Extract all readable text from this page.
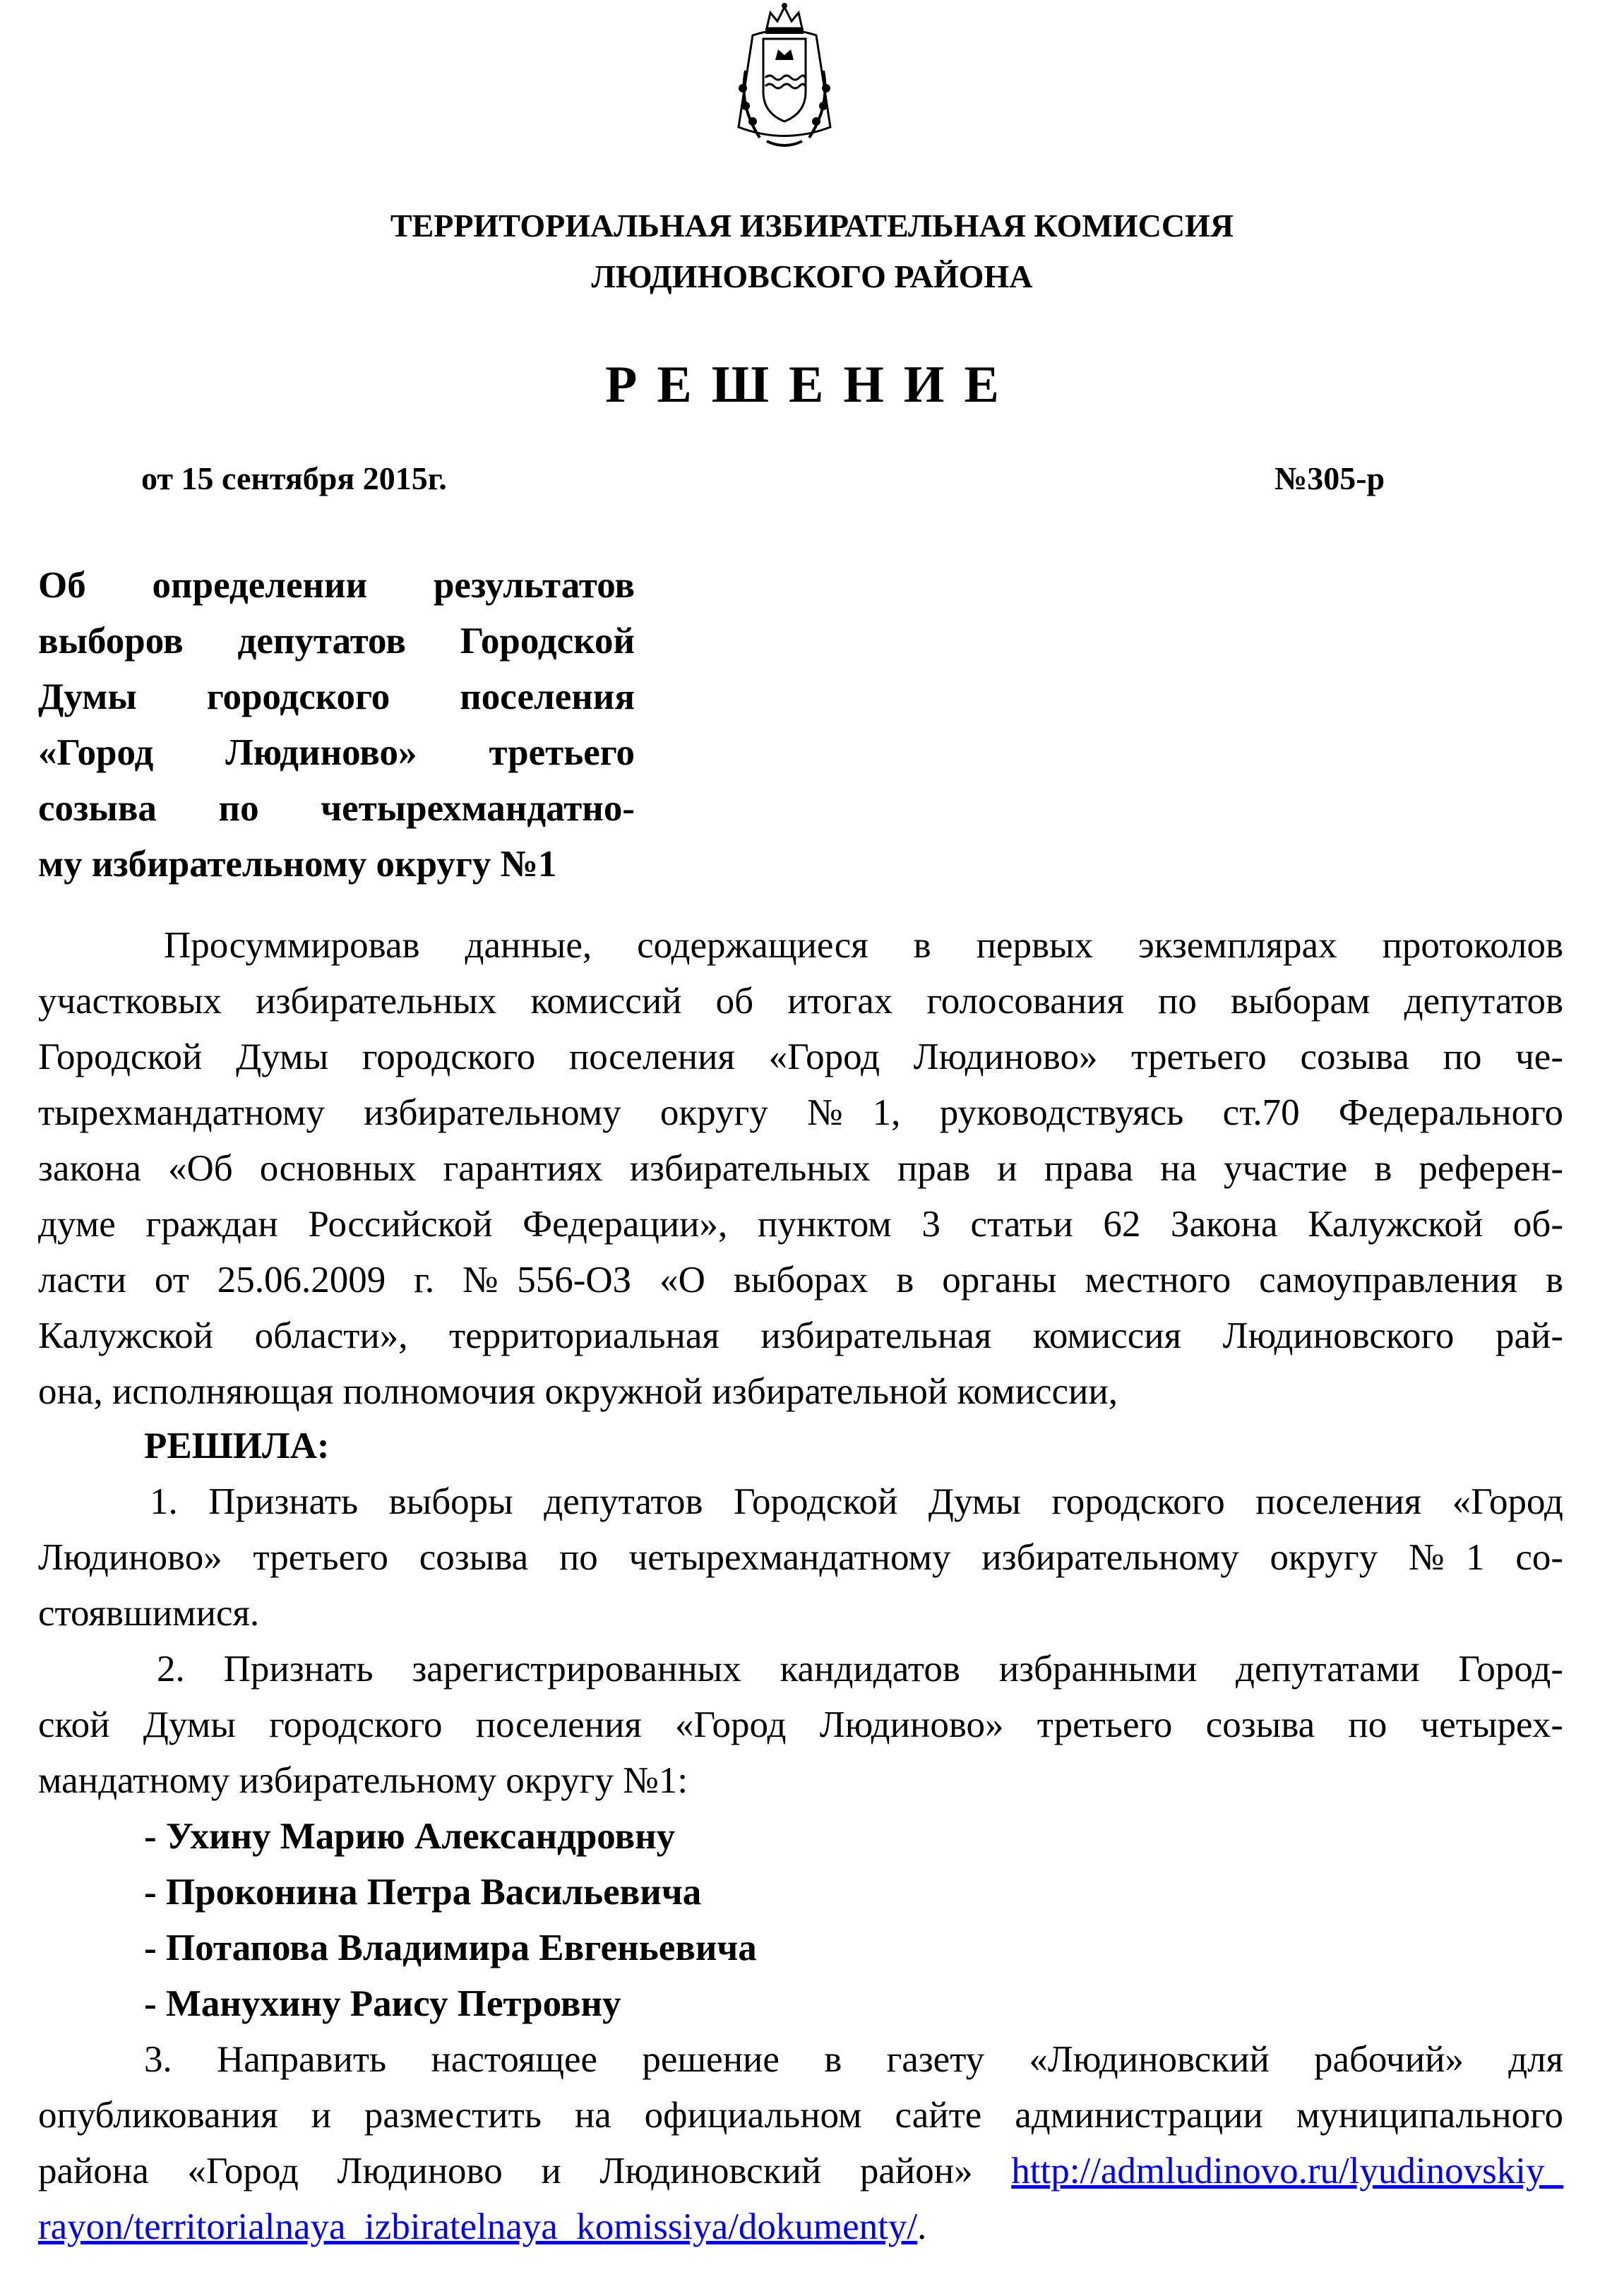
ТЕРРИТОРИАЛЬНАЯ ИЗБИРАТЕЛЬНАЯ КОМИССИЯ
ЛЮДИНОВСКОГО РАЙОНА
РЕШЕНИЕ
от 15 сентября 2015г.	№305-р

Об определении результатов
выборов депутатов Городской
Думы городского поселения
«Город Людиново» третьего
созыва по четырехмандатно-
му избирательному округу №1

Просуммировав данные, содержащиеся в первых экземплярах протоколов
участковых избирательных комиссий об итогах голосования по выборам депутатов
Городской Думы городского поселения «Город Людиново» третьего созыва по че-
тырехмандатному избирательному округу №1, руководствуясь ст.70 Федерального
закона «Об основных гарантиях избирательных прав и права на участие в референ-
думе граждан Российской Федерации», пунктом 3 статьи 62 Закона Калужской об-
ласти от 25.06.2009 г. №556-ОЗ «О выборах в органы местного самоуправления в
Калужской области», территориальная избирательная комиссия Людиновского рай-
она, исполняющая полномочия окружной избирательной комиссии,

РЕШИЛА:

1. Признать выборы депутатов Городской Думы городского поселения «Город
Людиново» третьего созыва по четырехмандатному избирательному округу №1 со-
стоявшимися.

2. Признать зарегистрированных кандидатов избранными депутатами Город-
ской Думы городского поселения «Город Людиново» третьего созыва по четырех-
мандатному избирательному округу №1:

- Ухину Марию Александровну
- Проконина Петра Васильевича
- Потапова Владимира Евгеньевича
- Манухину Раису Петровну

3. Направить настоящее решение в газету «Людиновский рабочий» для
опубликования и разместить на официальном сайте администрации муниципального
района «Город Людиново и Людиновский район» http://admludinovo.ru/lyudinovskiy_
rayon/territorialnaya_izbiratelnaya_komissiya/dokumenty/.
